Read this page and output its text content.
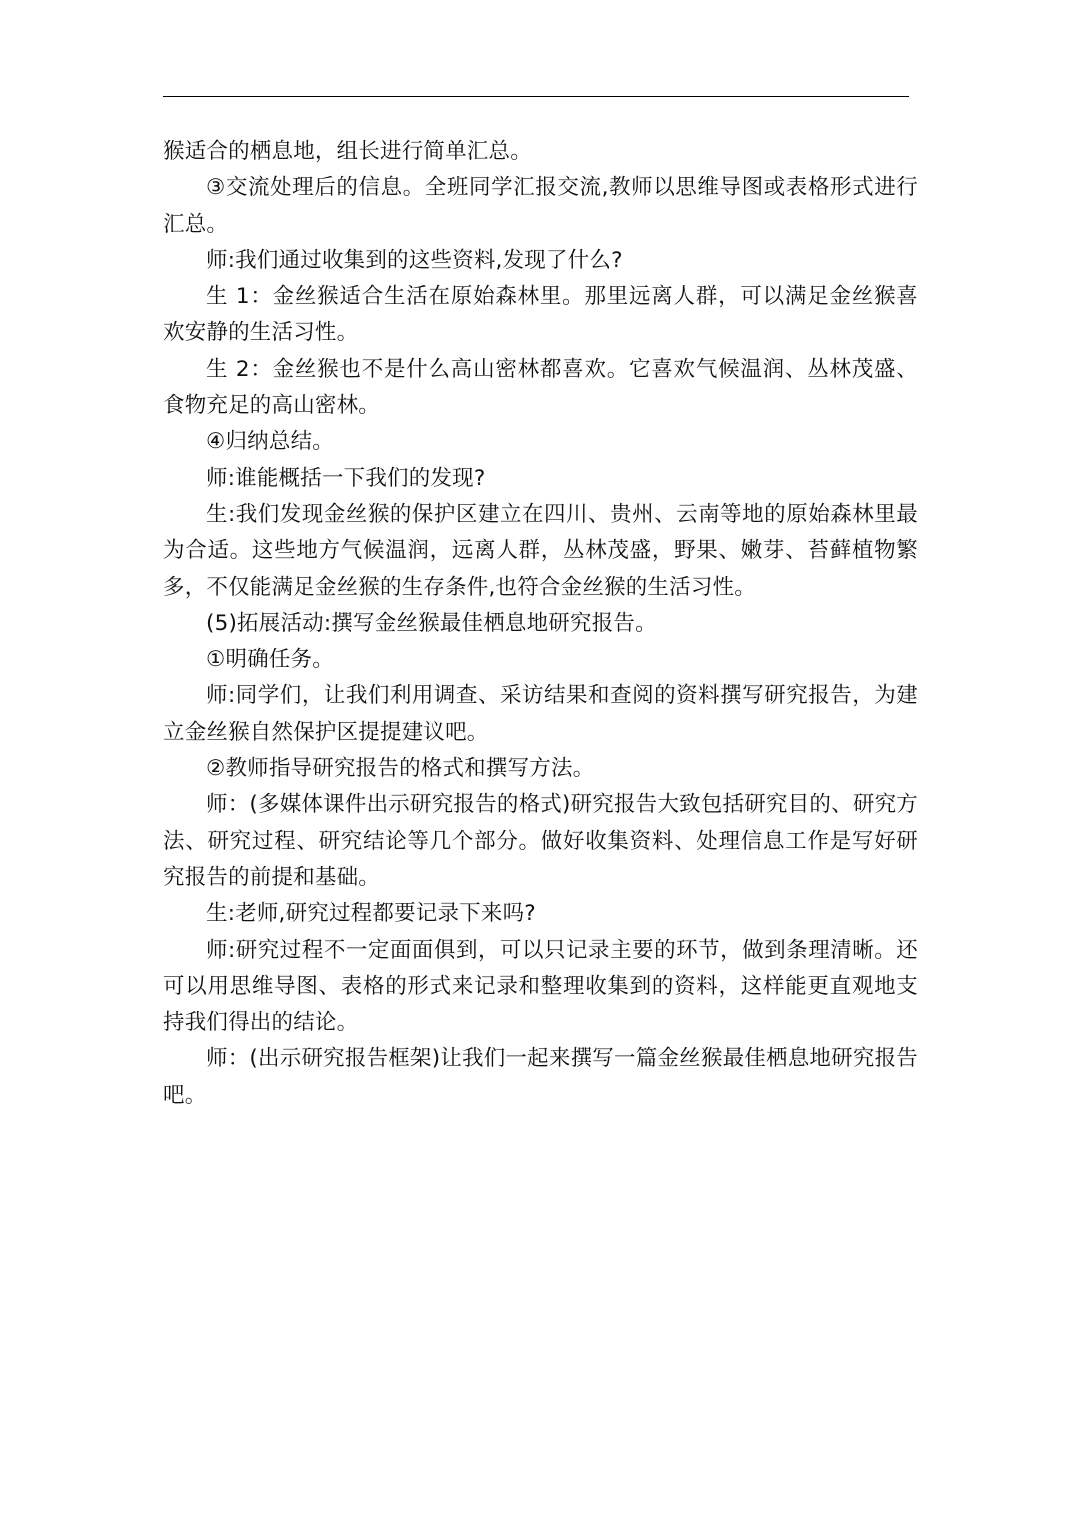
猴适合的栖息地，组长进行简单汇总。

③交流处理后的信息。全班同学汇报交流,教师以思维导图或表格形式进行汇总。

师:我们通过收集到的这些资料,发现了什么?

生 1：金丝猴适合生活在原始森林里。那里远离人群，可以满足金丝猴喜欢安静的生活习性。

生 2：金丝猴也不是什么高山密林都喜欢。它喜欢气候温润、丛林茂盛、食物充足的高山密林。

④归纳总结。

师:谁能概括一下我们的发现?

生:我们发现金丝猴的保护区建立在四川、贵州、云南等地的原始森林里最为合适。这些地方气候温润，远离人群，丛林茂盛，野果、嫩芽、苔藓植物繁多，不仅能满足金丝猴的生存条件,也符合金丝猴的生活习性。

(5)拓展活动:撰写金丝猴最佳栖息地研究报告。

①明确任务。

师:同学们，让我们利用调查、采访结果和查阅的资料撰写研究报告，为建立金丝猴自然保护区提提建议吧。

②教师指导研究报告的格式和撰写方法。

师：(多媒体课件出示研究报告的格式)研究报告大致包括研究目的、研究方法、研究过程、研究结论等几个部分。做好收集资料、处理信息工作是写好研究报告的前提和基础。

生:老师,研究过程都要记录下来吗?

师:研究过程不一定面面俱到，可以只记录主要的环节，做到条理清晰。还可以用思维导图、表格的形式来记录和整理收集到的资料，这样能更直观地支持我们得出的结论。

师：(出示研究报告框架)让我们一起来撰写一篇金丝猴最佳栖息地研究报告吧。
